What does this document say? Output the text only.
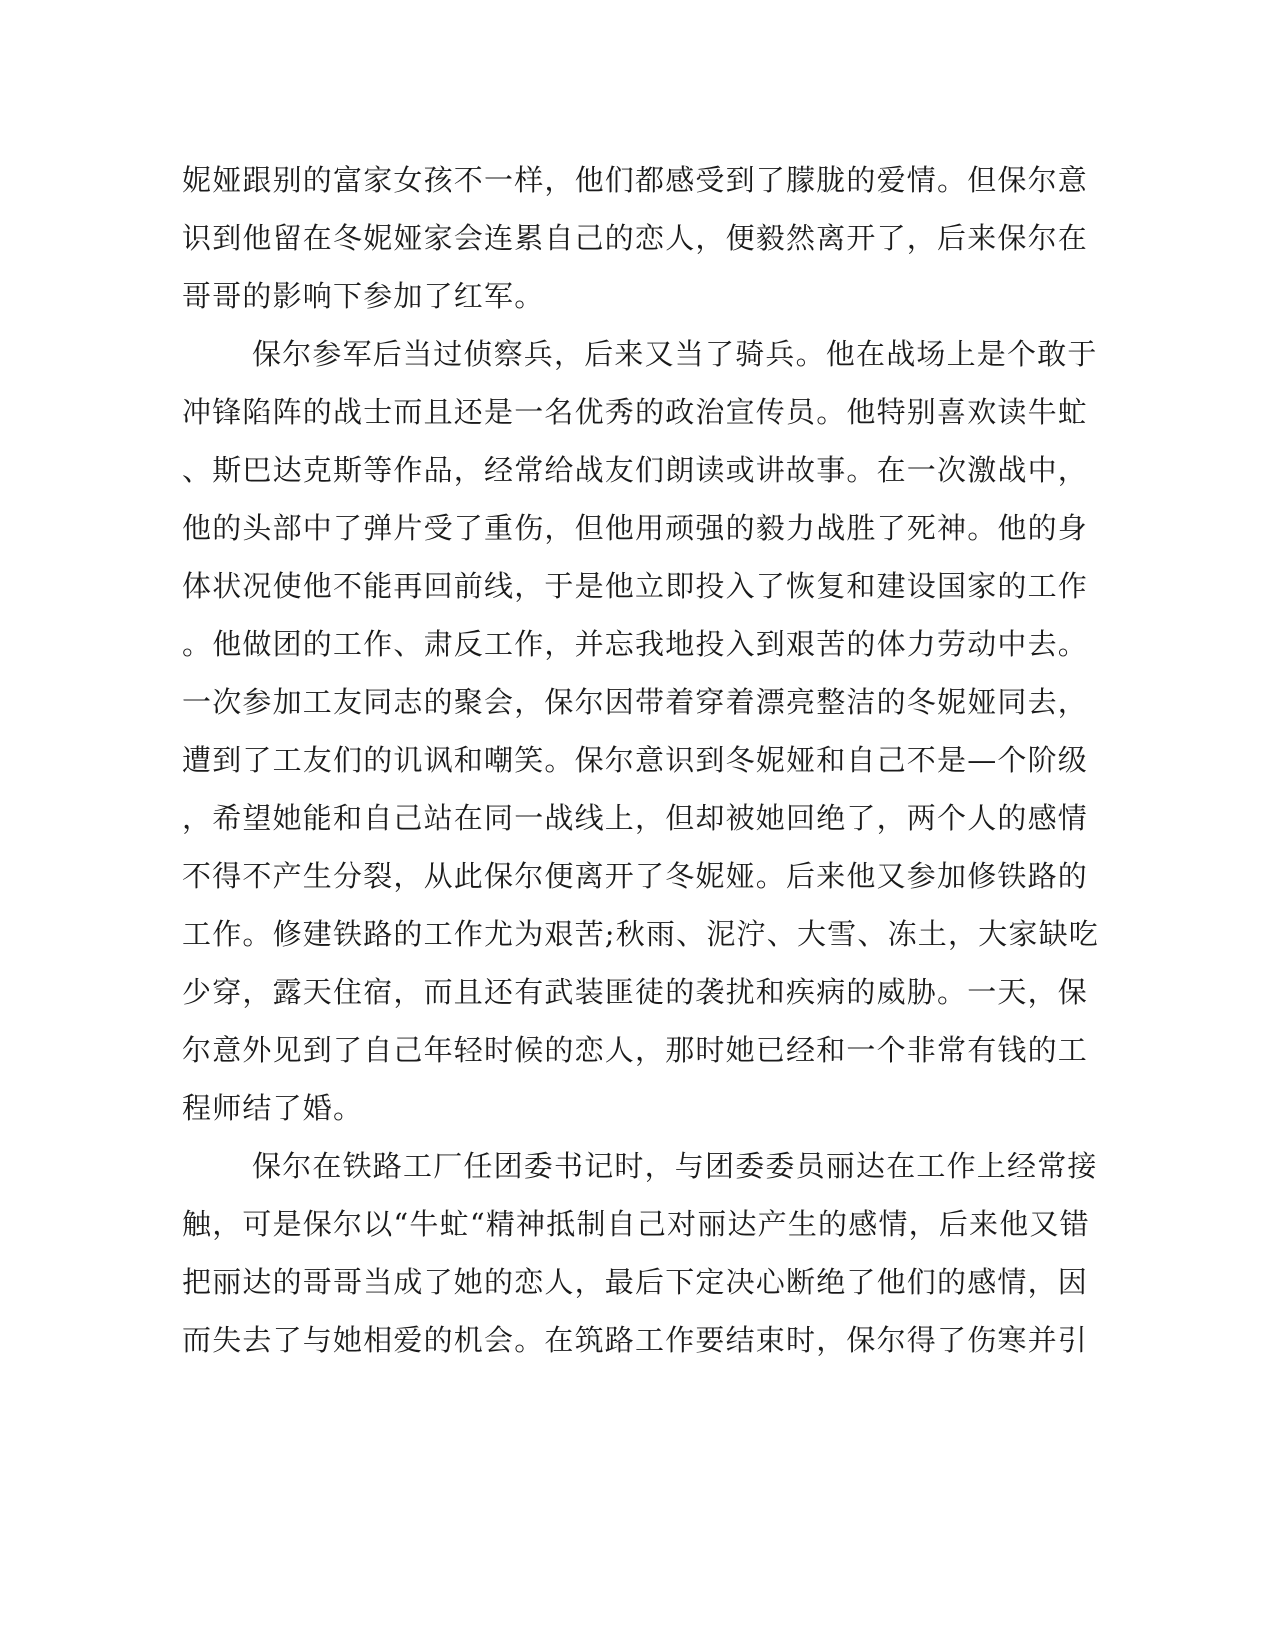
妮娅跟别的富家女孩不一样，他们都感受到了朦胧的爱情。但保尔意
识到他留在冬妮娅家会连累自己的恋人，便毅然离开了，后来保尔在
哥哥的影响下参加了红军。
保尔参军后当过侦察兵，后来又当了骑兵。他在战场上是个敢于
冲锋陷阵的战士而且还是一名优秀的政治宣传员。他特别喜欢读牛虻
、斯巴达克斯等作品，经常给战友们朗读或讲故事。在一次激战中，
他的头部中了弹片受了重伤，但他用顽强的毅力战胜了死神。他的身
体状况使他不能再回前线，于是他立即投入了恢复和建设国家的工作
。他做团的工作、肃反工作，并忘我地投入到艰苦的体力劳动中去。
一次参加工友同志的聚会，保尔因带着穿着漂亮整洁的冬妮娅同去，
遭到了工友们的讥讽和嘲笑。保尔意识到冬妮娅和自己不是—个阶级
，希望她能和自己站在同一战线上，但却被她回绝了，两个人的感情
不得不产生分裂，从此保尔便离开了冬妮娅。后来他又参加修铁路的
工作。修建铁路的工作尤为艰苦;秋雨、泥泞、大雪、冻土，大家缺吃
少穿，露天住宿，而且还有武装匪徒的袭扰和疾病的威胁。一天，保
尔意外见到了自己年轻时候的恋人，那时她已经和一个非常有钱的工
程师结了婚。
保尔在铁路工厂任团委书记时，与团委委员丽达在工作上经常接
触，可是保尔以“牛虻“精神抵制自己对丽达产生的感情，后来他又错
把丽达的哥哥当成了她的恋人，最后下定决心断绝了他们的感情，因
而失去了与她相爱的机会。在筑路工作要结束时，保尔得了伤寒并引
